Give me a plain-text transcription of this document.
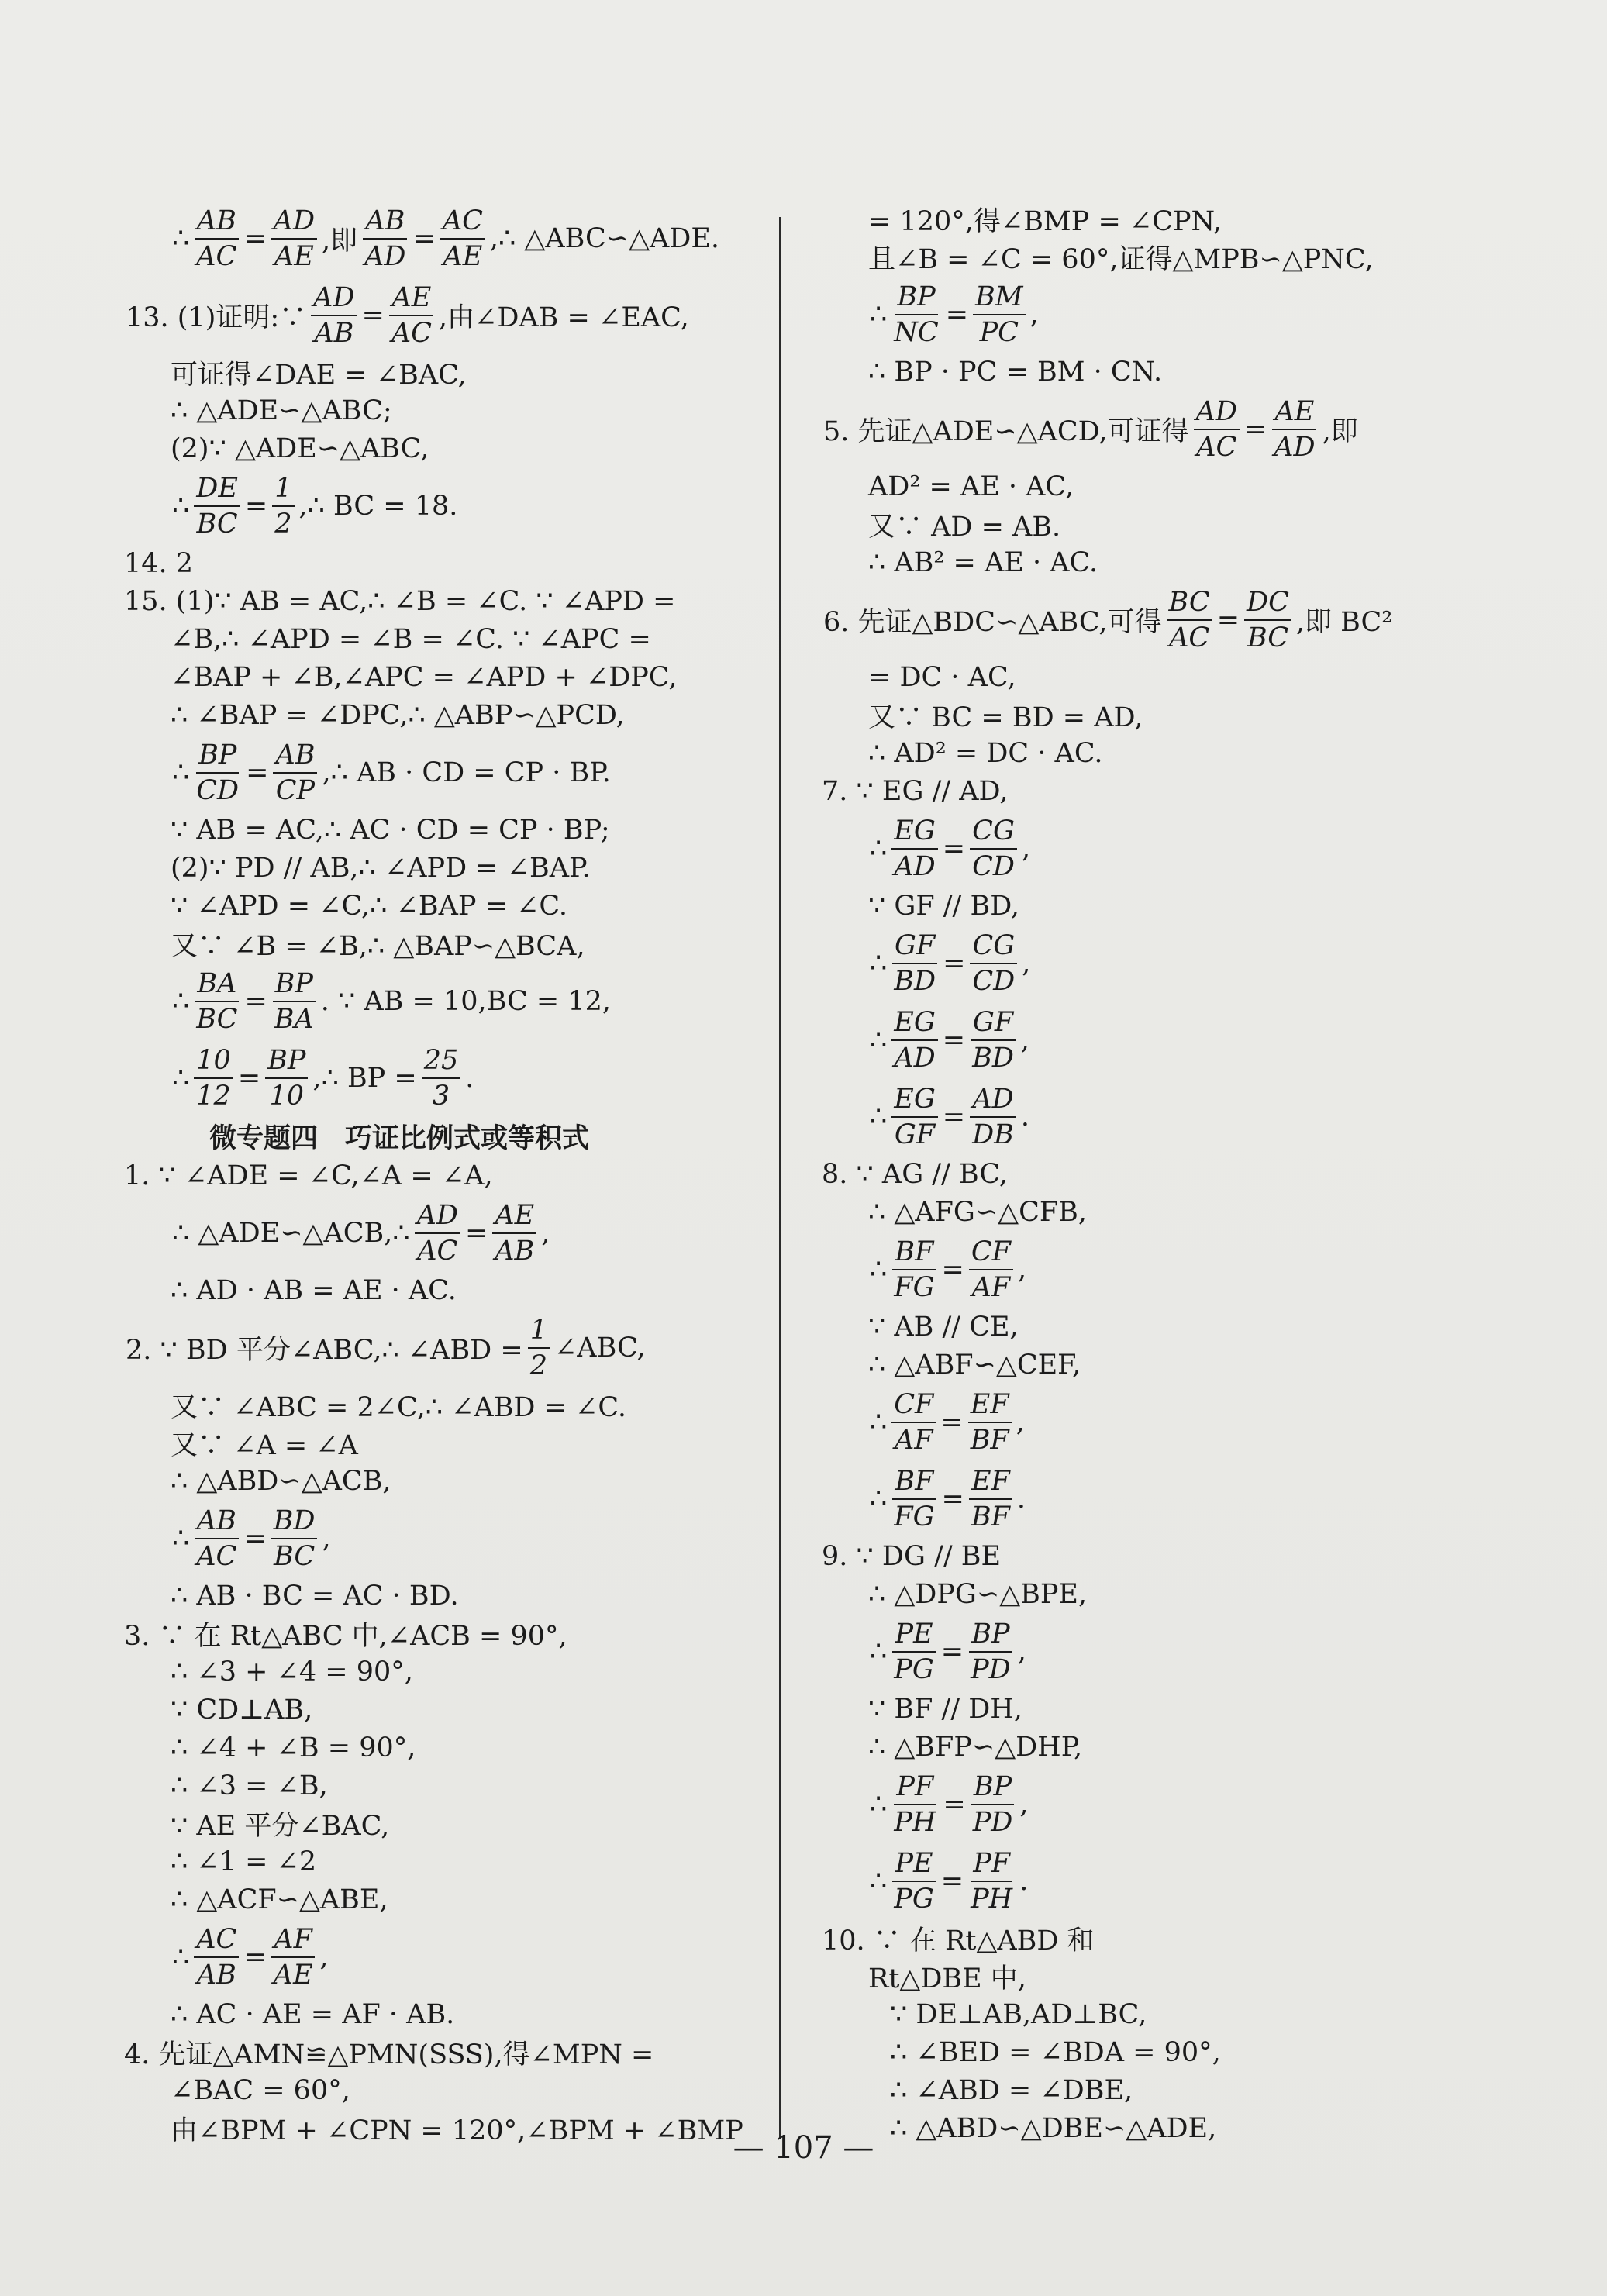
∴ $\frac{AB}{AC} = \frac{AD}{AE}$ ,即 $\frac{AB}{AD} = \frac{AC}{AE}$ ,∴ △ABC∽△ADE.
13. (1)证明:∵ $\frac{AD}{AB} = \frac{AE}{AC}$ ,由∠DAB = ∠EAC,
可证得∠DAE = ∠BAC,
∴ △ADE∽△ABC;
(2)∵ △ADE∽△ABC,
∴ $\frac{DE}{BC} = \frac{1}{2}$ ,∴ BC = 18.
14. 2
15. (1)∵ AB = AC,∴ ∠B = ∠C. ∵ ∠APD =
∠B,∴ ∠APD = ∠B = ∠C. ∵ ∠APC =
∠BAP + ∠B,∠APC = ∠APD + ∠DPC,
∴ ∠BAP = ∠DPC,∴ △ABP∽△PCD,
∴ $\frac{BP}{CD} = \frac{AB}{CP}$ ,∴ AB · CD = CP · BP.
∵ AB = AC,∴ AC · CD = CP · BP;
(2)∵ PD // AB,∴ ∠APD = ∠BAP.
∵ ∠APD = ∠C,∴ ∠BAP = ∠C.
又∵ ∠B = ∠B,∴ △BAP∽△BCA,
∴ $\frac{BA}{BC} = \frac{BP}{BA}$ . ∵ AB = 10,BC = 12,
∴ $\frac{10}{12} = \frac{BP}{10}$ ,∴ BP = $\frac{25}{3}$ .
微专题四　巧证比例式或等积式
1. ∵ ∠ADE = ∠C,∠A = ∠A,
∴ △ADE∽△ACB,∴ $\frac{AD}{AC} = \frac{AE}{AB}$ ,
∴ AD · AB = AE · AC.
2. ∵ BD 平分∠ABC,∴ ∠ABD = $\frac{1}{2}$ ∠ABC,
又∵ ∠ABC = 2∠C,∴ ∠ABD = ∠C.
又∵ ∠A = ∠A
∴ △ABD∽△ACB,
∴ $\frac{AB}{AC} = \frac{BD}{BC}$ ,
∴ AB · BC = AC · BD.
3. ∵ 在 Rt△ABC 中,∠ACB = 90°,
∴ ∠3 + ∠4 = 90°,
∵ CD⊥AB,
∴ ∠4 + ∠B = 90°,
∴ ∠3 = ∠B,
∵ AE 平分∠BAC,
∴ ∠1 = ∠2
∴ △ACF∽△ABE,
∴ $\frac{AC}{AB} = \frac{AF}{AE}$ ,
∴ AC · AE = AF · AB.
4. 先证△AMN≌△PMN(SSS),得∠MPN =
∠BAC = 60°,
由∠BPM + ∠CPN = 120°,∠BPM + ∠BMP
= 120°,得∠BMP = ∠CPN,
且∠B = ∠C = 60°,证得△MPB∽△PNC,
∴ $\frac{BP}{NC} = \frac{BM}{PC}$ ,
∴ BP · PC = BM · CN.
5. 先证△ADE∽△ACD,可证得 $\frac{AD}{AC} = \frac{AE}{AD}$ ,即
AD² = AE · AC,
又∵ AD = AB.
∴ AB² = AE · AC.
6. 先证△BDC∽△ABC,可得 $\frac{BC}{AC} = \frac{DC}{BC}$ ,即 BC²
= DC · AC,
又∵ BC = BD = AD,
∴ AD² = DC · AC.
7. ∵ EG // AD,
∴ $\frac{EG}{AD} = \frac{CG}{CD}$ ,
∵ GF // BD,
∴ $\frac{GF}{BD} = \frac{CG}{CD}$ ,
∴ $\frac{EG}{AD} = \frac{GF}{BD}$ ,
∴ $\frac{EG}{GF} = \frac{AD}{DB}$ .
8. ∵ AG // BC,
∴ △AFG∽△CFB,
∴ $\frac{BF}{FG} = \frac{CF}{AF}$ ,
∵ AB // CE,
∴ △ABF∽△CEF,
∴ $\frac{CF}{AF} = \frac{EF}{BF}$ ,
∴ $\frac{BF}{FG} = \frac{EF}{BF}$ .
9. ∵ DG // BE
∴ △DPG∽△BPE,
∴ $\frac{PE}{PG} = \frac{BP}{PD}$ ,
∵ BF // DH,
∴ △BFP∽△DHP,
∴ $\frac{PF}{PH} = \frac{BP}{PD}$ ,
∴ $\frac{PE}{PG} = \frac{PF}{PH}$ .
10. ∵ 在 Rt△ABD 和
Rt△DBE 中,
∵ DE⊥AB,AD⊥BC,
∴ ∠BED = ∠BDA = 90°,
∴ ∠ABD = ∠DBE,
∴ △ABD∽△DBE∽△ADE,
— 107 —
